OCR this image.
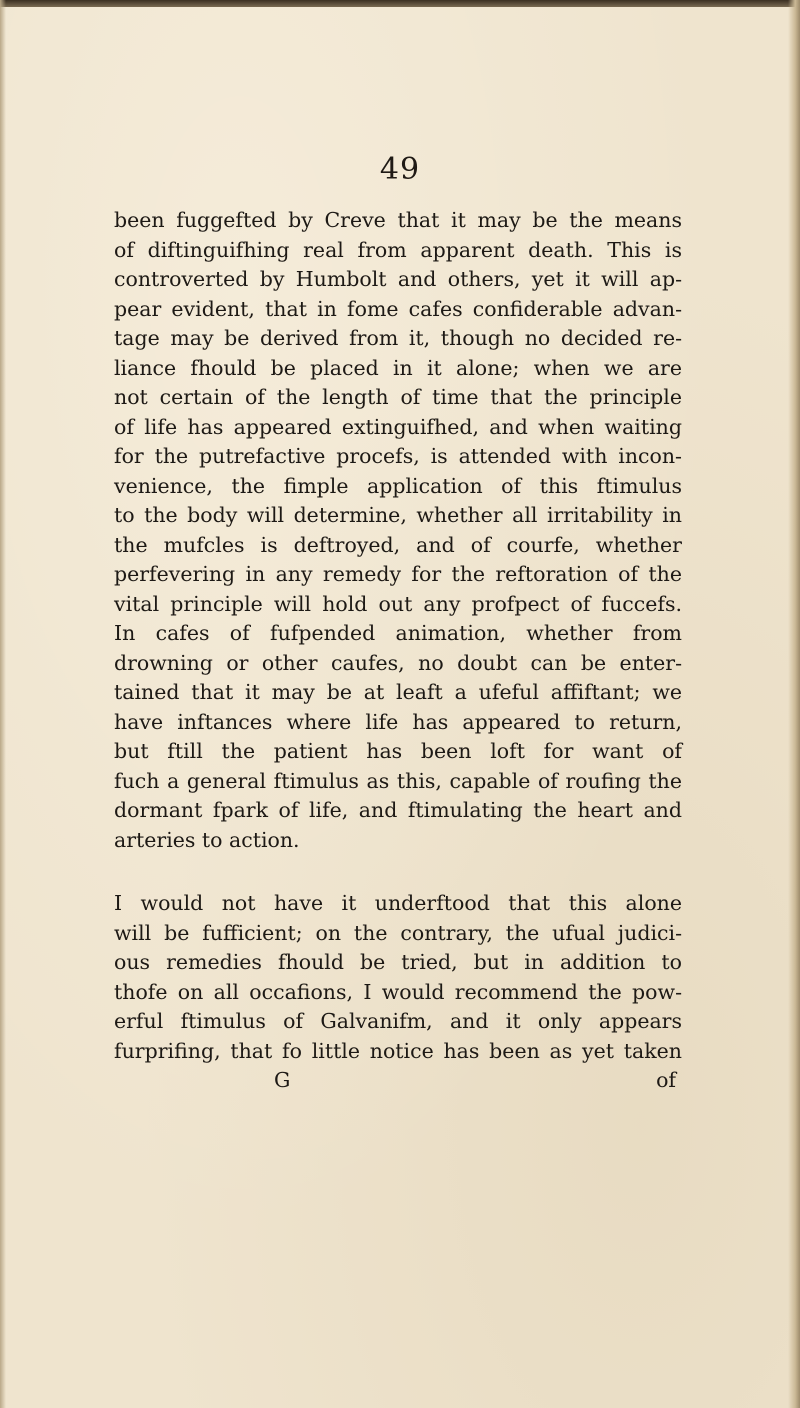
49
been fuggefted by Creve that it may be the means
of diftinguifhing real from apparent death. This is
controverted by Humbolt and others, yet it will ap-
pear evident, that in fome cafes confiderable advan-
tage may be derived from it, though no decided re-
liance fhould be placed in it alone; when we are
not certain of the length of time that the principle
of life has appeared extinguifhed, and when waiting
for the putrefactive procefs, is attended with incon-
venience, the fimple application of this ftimulus
to the body will determine, whether all irritability in
the mufcles is deftroyed, and of courfe, whether
perfevering in any remedy for the reftoration of the
vital principle will hold out any profpect of fuccefs.
In cafes of fufpended animation, whether from
drowning or other caufes, no doubt can be enter-
tained that it may be at leaft a ufeful affiftant; we
have inftances where life has appeared to return,
but ftill the patient has been loft for want of
fuch a general ftimulus as this, capable of roufing the
dormant fpark of life, and ftimulating the heart and
arteries to action.
I would not have it underftood that this alone
will be fufficient; on the contrary, the ufual judici-
ous remedies fhould be tried, but in addition to
thofe on all occafions, I would recommend the pow-
erful ftimulus of Galvanifm, and it only appears
furprifing, that fo little notice has been as yet taken
G	of
